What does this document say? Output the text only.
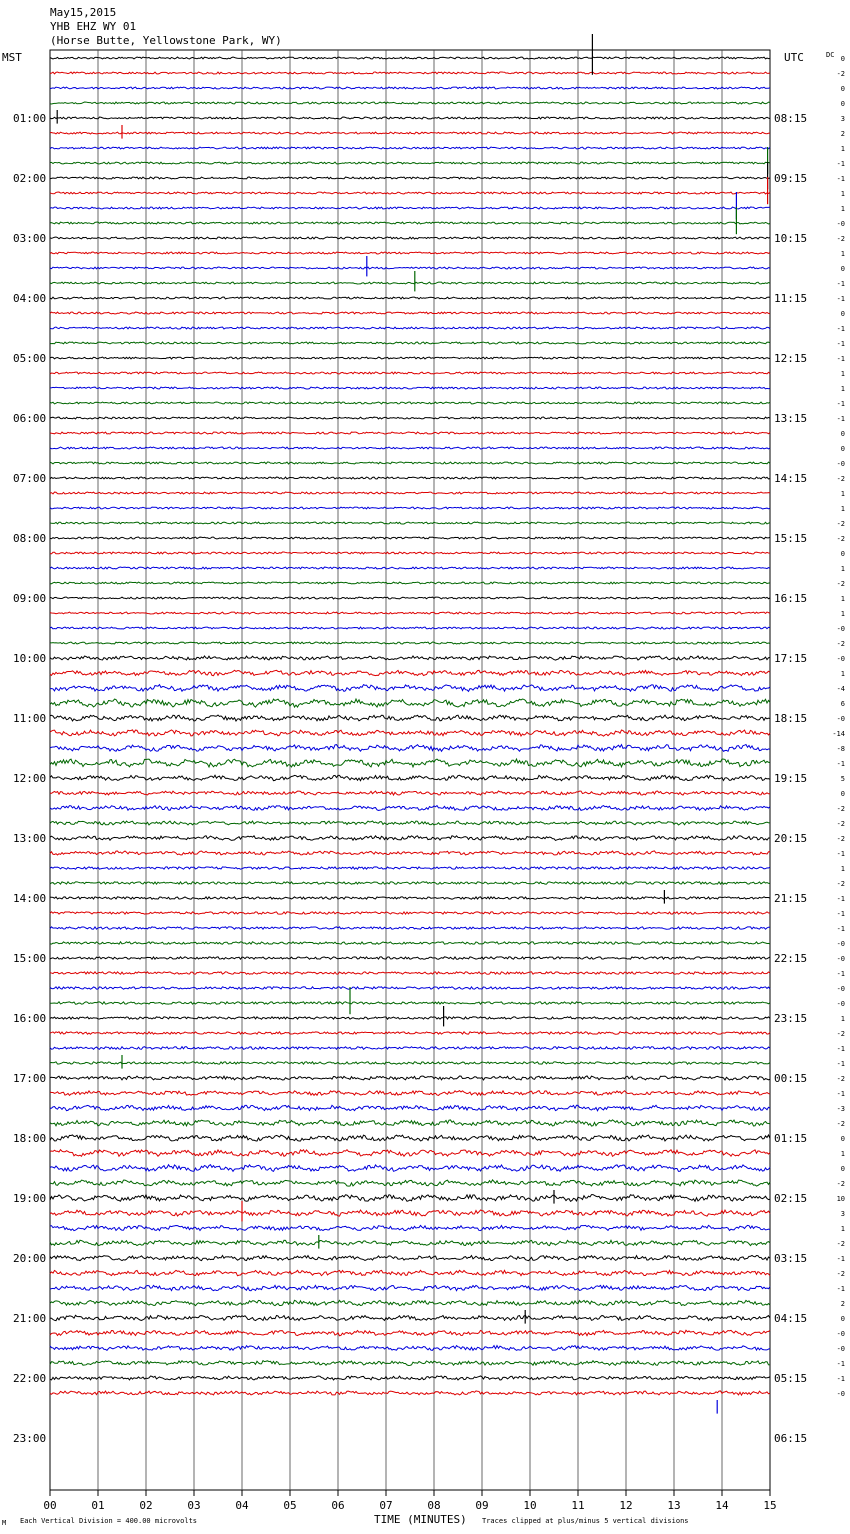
May15,2015
YHB EHZ WY 01
(Horse Butte, Yellowstone Park, WY)
MST	UTC	DC
01:00
02:00
03:00
04:00
05:00
06:00
07:00
08:00
09:00
10:00
11:00
12:00
13:00
14:00
15:00
16:00
17:00
18:00
19:00
20:00
21:00
22:00
23:00
08:15
09:15
10:15
11:15
12:15
13:15
14:15
15:15
16:15
17:15
18:15
19:15
20:15
21:15
22:15
23:15
00:15
01:15
02:15
03:15
04:15
05:15
06:15
0
-2
0
0
3
2
1
-1
-1
1
1
-0
-2
1
0
-1
-1
0
-1
-1
-1
1
1
-1
-1
0
0
-0
-2
1
1
-2
-2
0
1
-2
1
1
-0
-2
-0
1
-4
6
-0
-14
-8
-1
5
0
-2
-2
-2
-1
1
-2
-1
-1
-1
-0
-0
-1
-0
-0
1
-2
-1
-1
-2
-1
-3
-2
0
1
0
-2
10
3
1
-2
-1
-2
-1
2
0
-0
-0
-1
-1
-0
00	01	02	03	04	05	06	07	08	09	10	11	12	13	14	15
M Each Vertical Division = 400.00 microvolts	TIME (MINUTES) Traces clipped at plus/minus 5 vertical divisions
